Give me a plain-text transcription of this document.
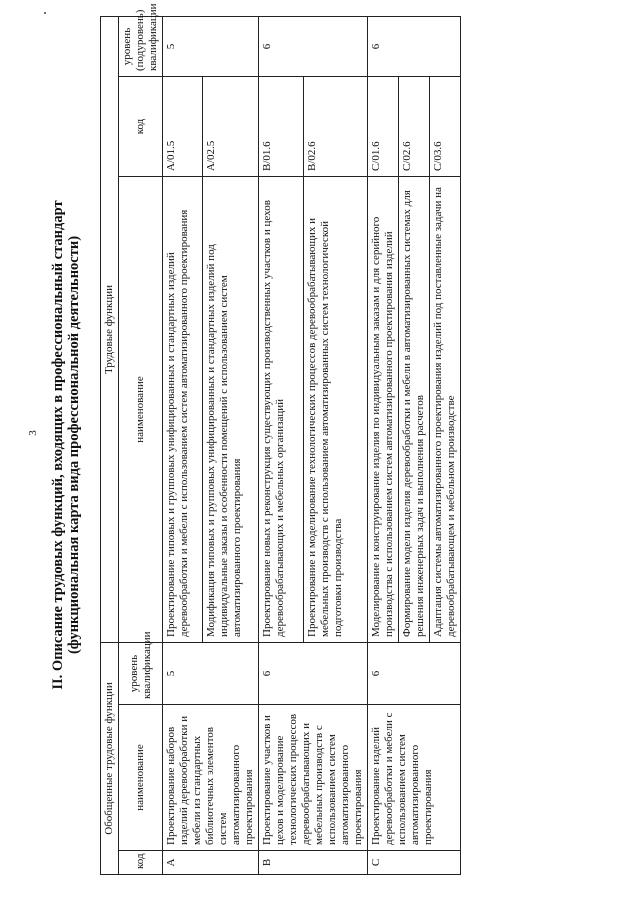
3 II. Описание трудовых функций, входящих в профессиональный стандарт (функциональная карта вида профессиональной деятельности)
Обобщенные трудовые функции			Трудовые функции		
код	наименование	уровень квалификации	наименование	код	уровень (подуровень) квалификации
A	Проектирование наборов изделий деревообработки и мебели из стандартных библиотечных элементов систем автоматизированного проектирования	5	Проектирование типовых и групповых унифицированных и стандартных изделий деревообработки и мебели с использованием систем автоматизированного проектирования	A/01.5	5
			Модификация типовых и групповых унифицированных и стандартных изделий под индивидуальные заказы и особенности помещений с использованием систем автоматизированного проектирования	A/02.5	
B	Проектирование участков и цехов и моделирование технологических процессов деревообрабатывающих и мебельных производств с использованием систем автоматизированного проектирования	6	Проектирование новых и реконструкция существующих производственных участков и цехов деревообрабатывающих и мебельных организаций	B/01.6	6
			Проектирование и моделирование технологических процессов деревообрабатывающих и мебельных производств с использованием автоматизированных систем технологической подготовки производства	B/02.6	
C	Проектирование изделий деревообработки и мебели с использованием систем автоматизированного проектирования	6	Моделирование и конструирование изделия по индивидуальным заказам и для серийного производства с использованием систем автоматизированного проектирования изделий	C/01.6	6
			Формирование модели изделия деревообработки и мебели в автоматизированных системах для решения инженерных задач и выполнения расчетов	C/02.6	
			Адаптация системы автоматизированного проектирования изделий под поставленные задачи на деревообрабатывающем и мебельном производстве	C/03.6	
